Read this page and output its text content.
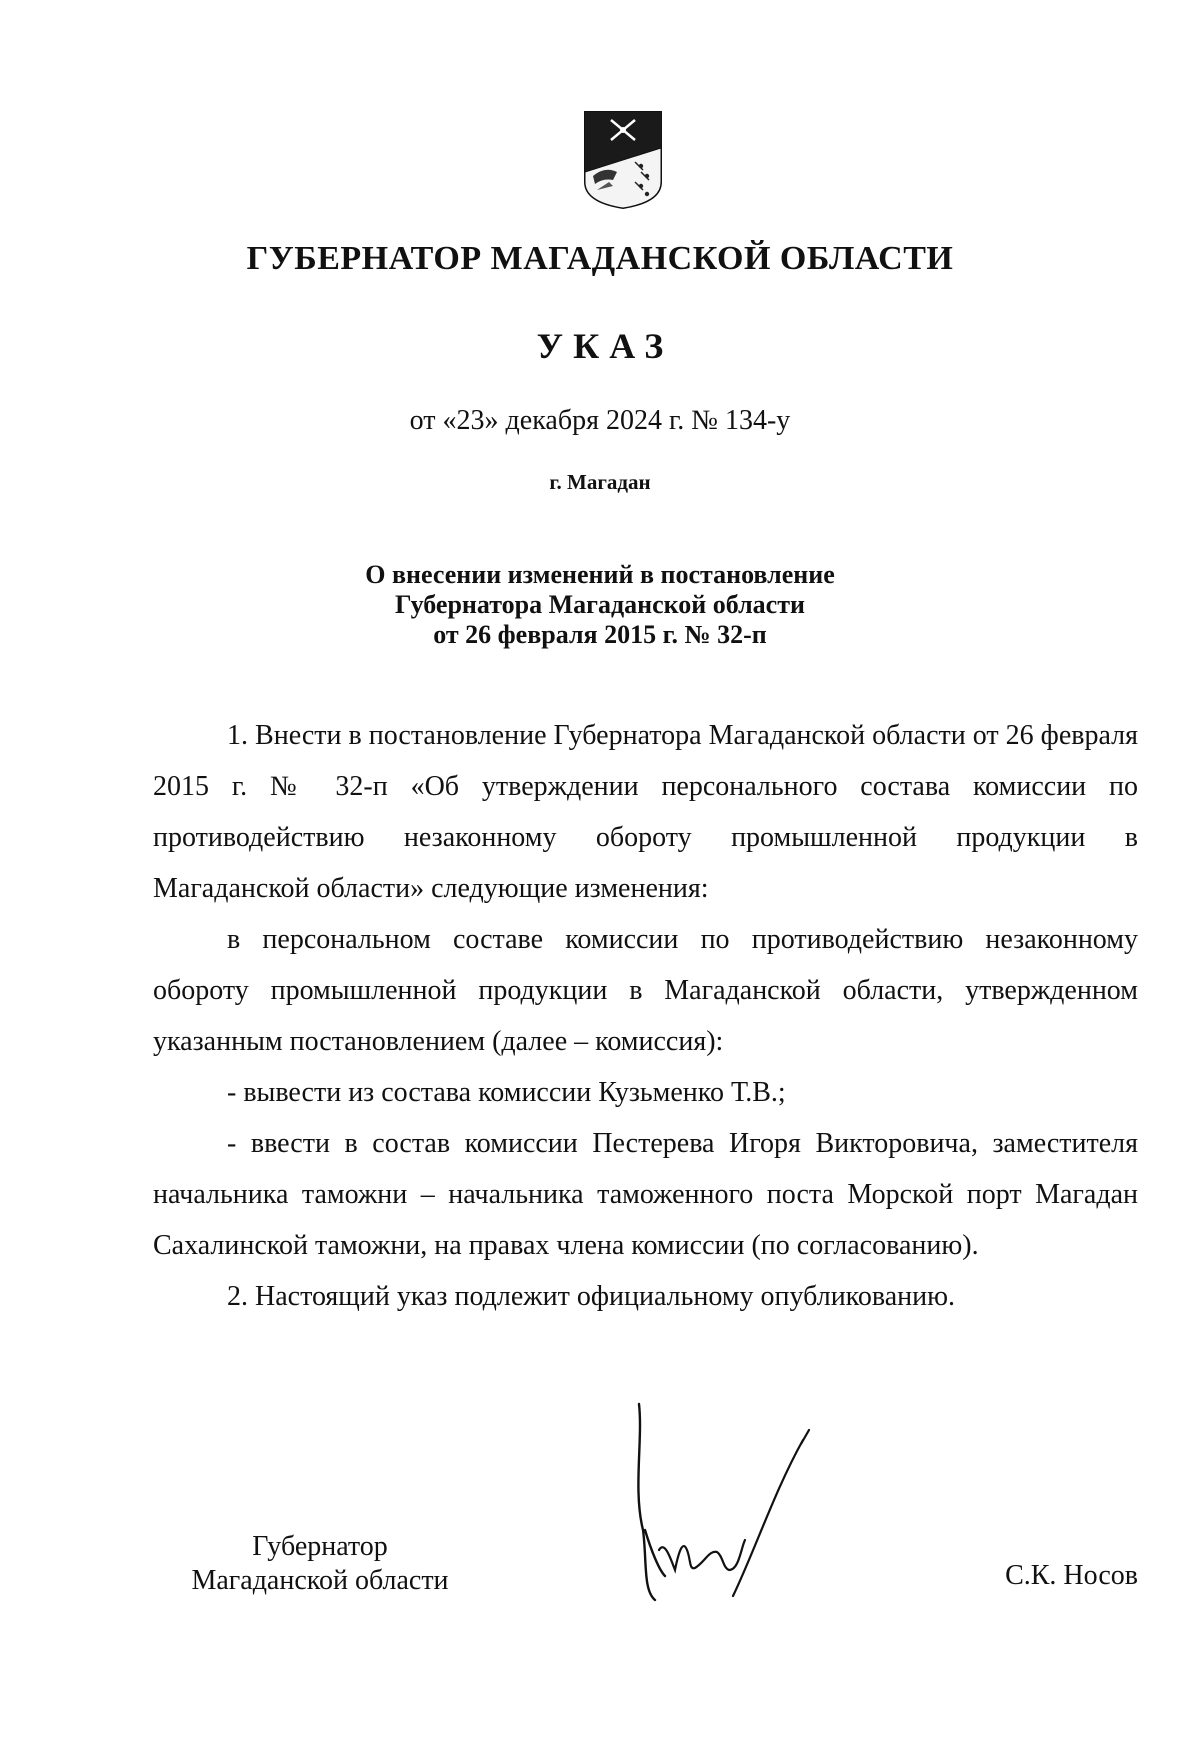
ГУБЕРНАТОР МАГАДАНСКОЙ ОБЛАСТИ
УКАЗ
от «23» декабря 2024 г. № 134-у
г. Магадан
О внесении изменений в постановление
Губернатора Магаданской области
от 26 февраля 2015 г. № 32-п

1. Внести в постановление Губернатора Магаданской области от 26 февраля 2015 г. № 32-п «Об утверждении персонального состава комиссии по противодействию незаконному обороту промышленной продукции в Магаданской области» следующие изменения:

в персональном составе комиссии по противодействию незаконному обороту промышленной продукции в Магаданской области, утвержденном указанным постановлением (далее – комиссия):

- вывести из состава комиссии Кузьменко Т.В.;

- ввести в состав комиссии Пестерева Игоря Викторовича, заместителя начальника таможни – начальника таможенного поста Морской порт Магадан Сахалинской таможни, на правах члена комиссии (по согласованию).

2. Настоящий указ подлежит официальному опубликованию.

Губернатор
Магаданской области	С.К. Носов
